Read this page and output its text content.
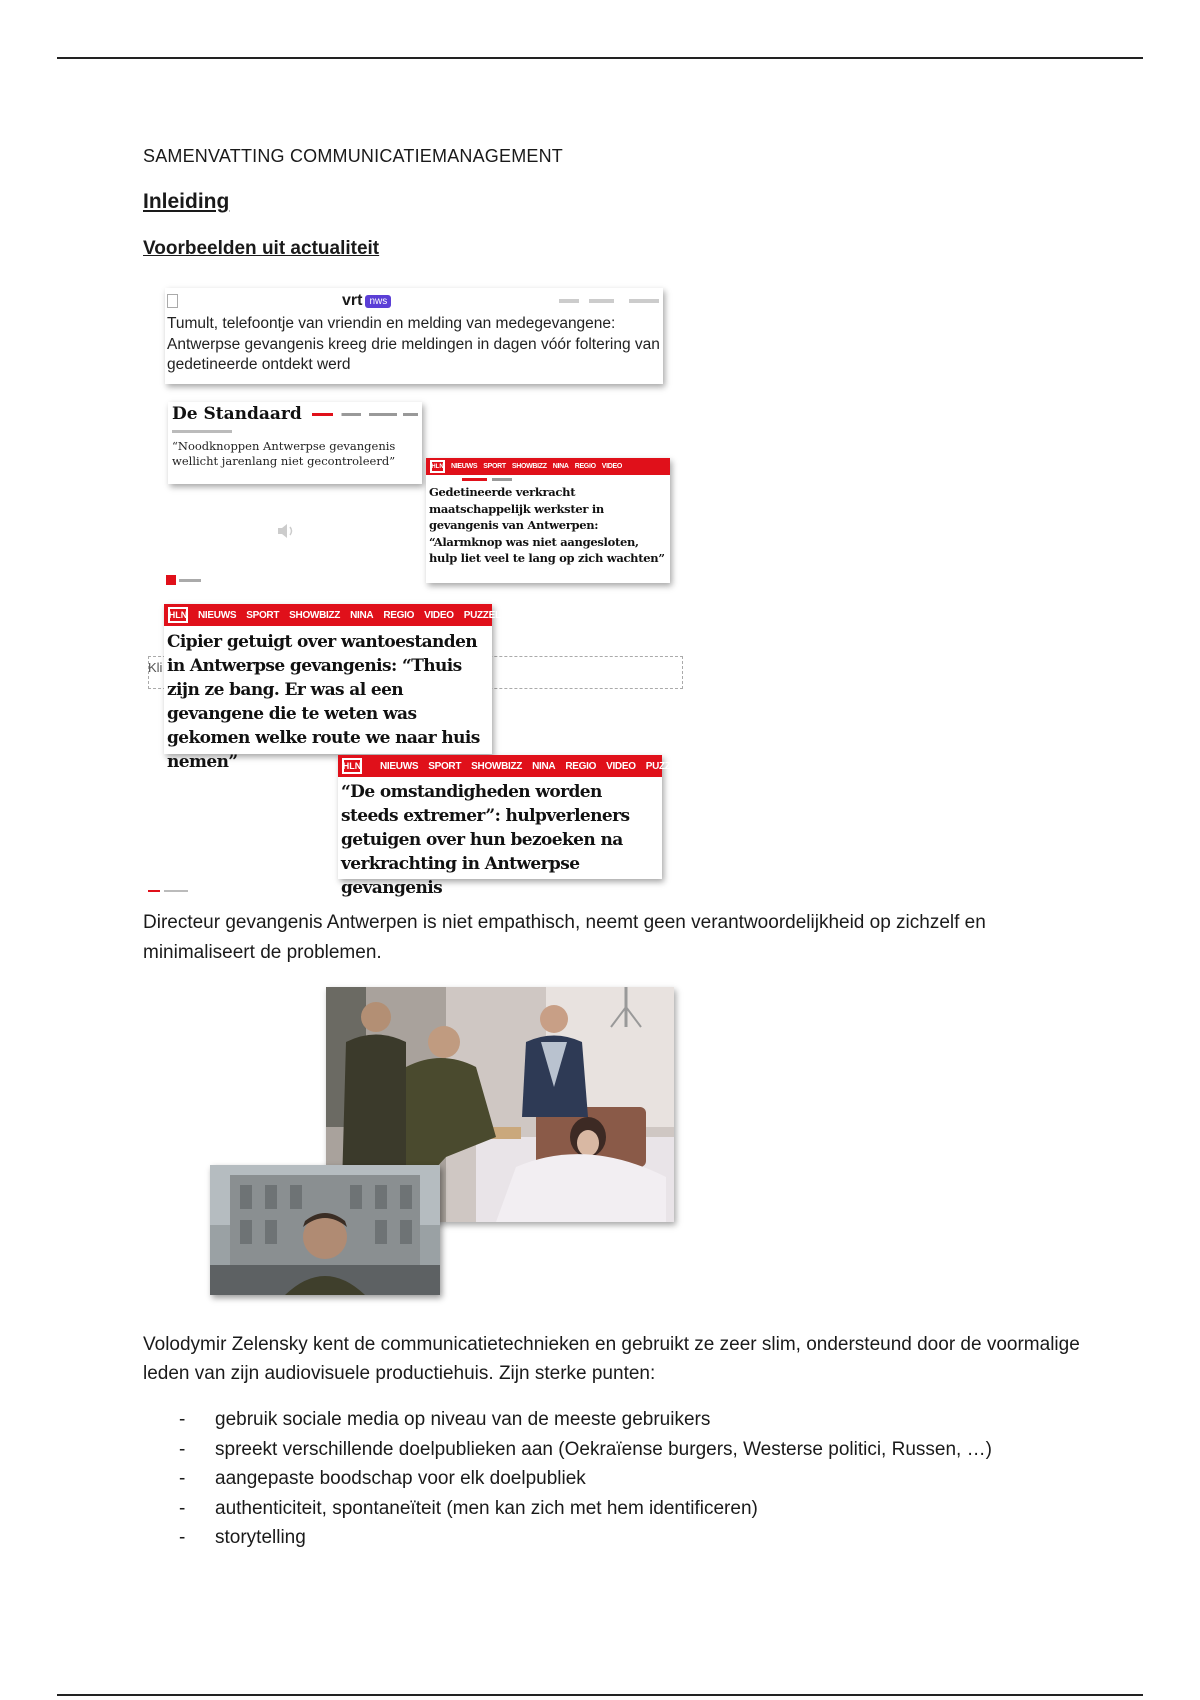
SAMENVATTING COMMUNICATIEMANAGEMENT
Inleiding
Voorbeelden uit actualiteit
Kli
vrt nws
Tumult, telefoontje van vriendin en melding van medegevangene: Antwerpse gevangenis kreeg drie meldingen in dagen vóór foltering van gedetineerde ontdekt werd
De Standaard
“Noodknoppen Antwerpse gevangenis wellicht jarenlang niet gecontroleerd”	HLN NIEUWS SPORT SHOWBIZZ NINA REGIO VIDEO
Gedetineerde verkracht maatschappelijk werkster in gevangenis van Antwerpen: “Alarmknop was niet aangesloten, hulp liet veel te lang op zich wachten”
HLN NIEUWS SPORT SHOWBIZZ NINA REGIO VIDEO PUZZEL
Cipier getuigt over wantoestanden in Antwerpse gevangenis: “Thuis zijn ze bang. Er was al een gevangene die te weten was gekomen welke route we naar huis nemen”	HLN NIEUWS SPORT SHOWBIZZ NINA REGIO VIDEO PUZZEL
“De omstandigheden worden steeds extremer”: hulpverleners getuigen over hun bezoeken na verkrachting in Antwerpse gevangenis
Directeur gevangenis Antwerpen is niet empathisch, neemt geen verantwoordelijkheid op zichzelf en minimaliseert de problemen.
Volodymir Zelensky kent de communicatietechnieken en gebruikt ze zeer slim, ondersteund door de voormalige leden van zijn audiovisuele productiehuis. Zijn sterke punten:
- gebruik sociale media op niveau van de meeste gebruikers
- spreekt verschillende doelpublieken aan (Oekraïense burgers, Westerse politici, Russen, …)
- aangepaste boodschap voor elk doelpubliek
- authenticiteit, spontaneïteit (men kan zich met hem identificeren)
- storytelling
